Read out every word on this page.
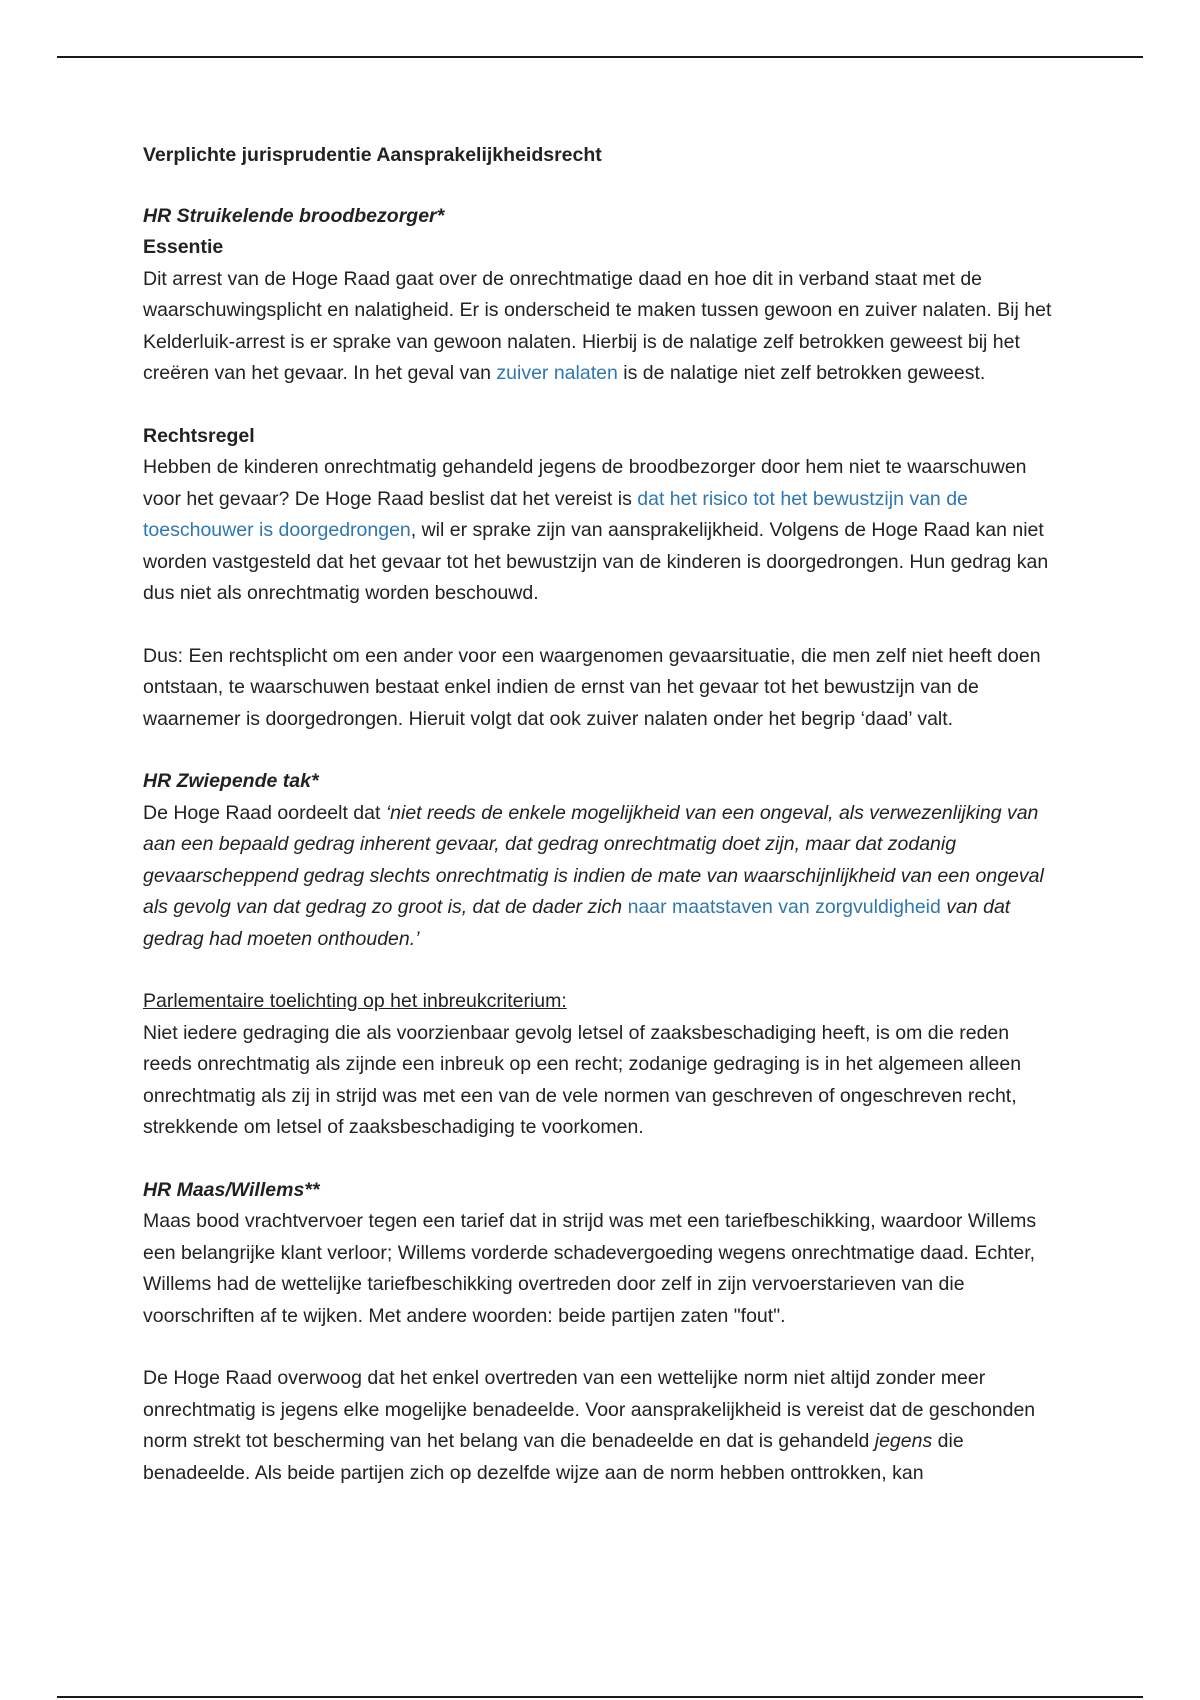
Verplichte jurisprudentie Aansprakelijkheidsrecht

HR Struikelende broodbezorger*

Essentie

Dit arrest van de Hoge Raad gaat over de onrechtmatige daad en hoe dit in verband staat met de waarschuwingsplicht en nalatigheid. Er is onderscheid te maken tussen gewoon en zuiver nalaten. Bij het Kelderluik-arrest is er sprake van gewoon nalaten. Hierbij is de nalatige zelf betrokken geweest bij het creëren van het gevaar. In het geval van zuiver nalaten is de nalatige niet zelf betrokken geweest.

Rechtsregel

Hebben de kinderen onrechtmatig gehandeld jegens de broodbezorger door hem niet te waarschuwen voor het gevaar? De Hoge Raad beslist dat het vereist is dat het risico tot het bewustzijn van de toeschouwer is doorgedrongen, wil er sprake zijn van aansprakelijkheid. Volgens de Hoge Raad kan niet worden vastgesteld dat het gevaar tot het bewustzijn van de kinderen is doorgedrongen. Hun gedrag kan dus niet als onrechtmatig worden beschouwd.

Dus: Een rechtsplicht om een ander voor een waargenomen gevaarsituatie, die men zelf niet heeft doen ontstaan, te waarschuwen bestaat enkel indien de ernst van het gevaar tot het bewustzijn van de waarnemer is doorgedrongen. Hieruit volgt dat ook zuiver nalaten onder het begrip ‘daad’ valt.

HR Zwiepende tak*

De Hoge Raad oordeelt dat ‘niet reeds de enkele mogelijkheid van een ongeval, als verwezenlijking van aan een bepaald gedrag inherent gevaar, dat gedrag onrechtmatig doet zijn, maar dat zodanig gevaarscheppend gedrag slechts onrechtmatig is indien de mate van waarschijnlijkheid van een ongeval als gevolg van dat gedrag zo groot is, dat de dader zich naar maatstaven van zorgvuldigheid van dat gedrag had moeten onthouden.’

Parlementaire toelichting op het inbreukcriterium:

Niet iedere gedraging die als voorzienbaar gevolg letsel of zaaksbeschadiging heeft, is om die reden reeds onrechtmatig als zijnde een inbreuk op een recht; zodanige gedraging is in het algemeen alleen onrechtmatig als zij in strijd was met een van de vele normen van geschreven of ongeschreven recht, strekkende om letsel of zaaksbeschadiging te voorkomen.

HR Maas/Willems**

Maas bood vrachtvervoer tegen een tarief dat in strijd was met een tariefbeschikking, waardoor Willems een belangrijke klant verloor; Willems vorderde schadevergoeding wegens onrechtmatige daad. Echter, Willems had de wettelijke tariefbeschikking overtreden door zelf in zijn vervoerstarieven van die voorschriften af te wijken. Met andere woorden: beide partijen zaten "fout".

De Hoge Raad overwoog dat het enkel overtreden van een wettelijke norm niet altijd zonder meer onrechtmatig is jegens elke mogelijke benadeelde. Voor aansprakelijkheid is vereist dat de geschonden norm strekt tot bescherming van het belang van die benadeelde en dat is gehandeld jegens die benadeelde. Als beide partijen zich op dezelfde wijze aan de norm hebben onttrokken, kan
